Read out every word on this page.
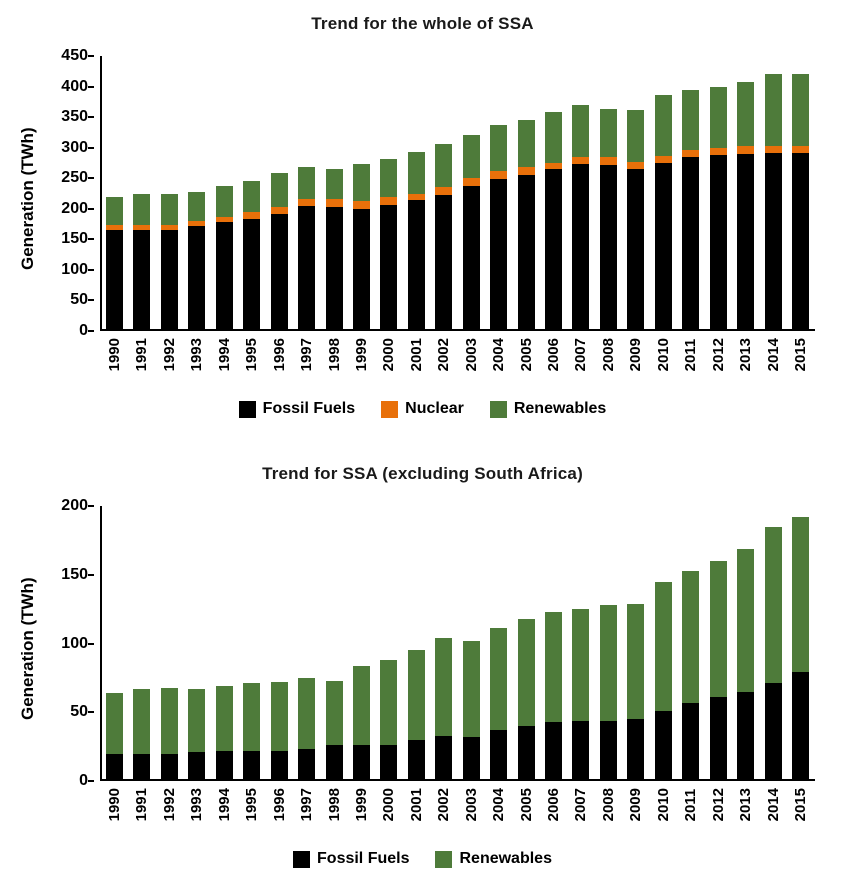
Trend for the whole of SSA
Generation (TWh)
0
50
100
150
200
250
300
350
400
450
1990 1991 1992 1993 1994 1995 1996 1997 1998 1999 2000 2001 2002 2003 2004 2005 2006 2007 2008 2009 2010 2011 2012 2013 2014 2015
Fossil Fuels	Nuclear	Renewables
Trend for SSA (excluding South Africa)
Generation (TWh)
0
50
100
150
200
1990 1991 1992 1993 1994 1995 1996 1997 1998 1999 2000 2001 2002 2003 2004 2005 2006 2007 2008 2009 2010 2011 2012 2013 2014 2015
Fossil Fuels	Renewables
